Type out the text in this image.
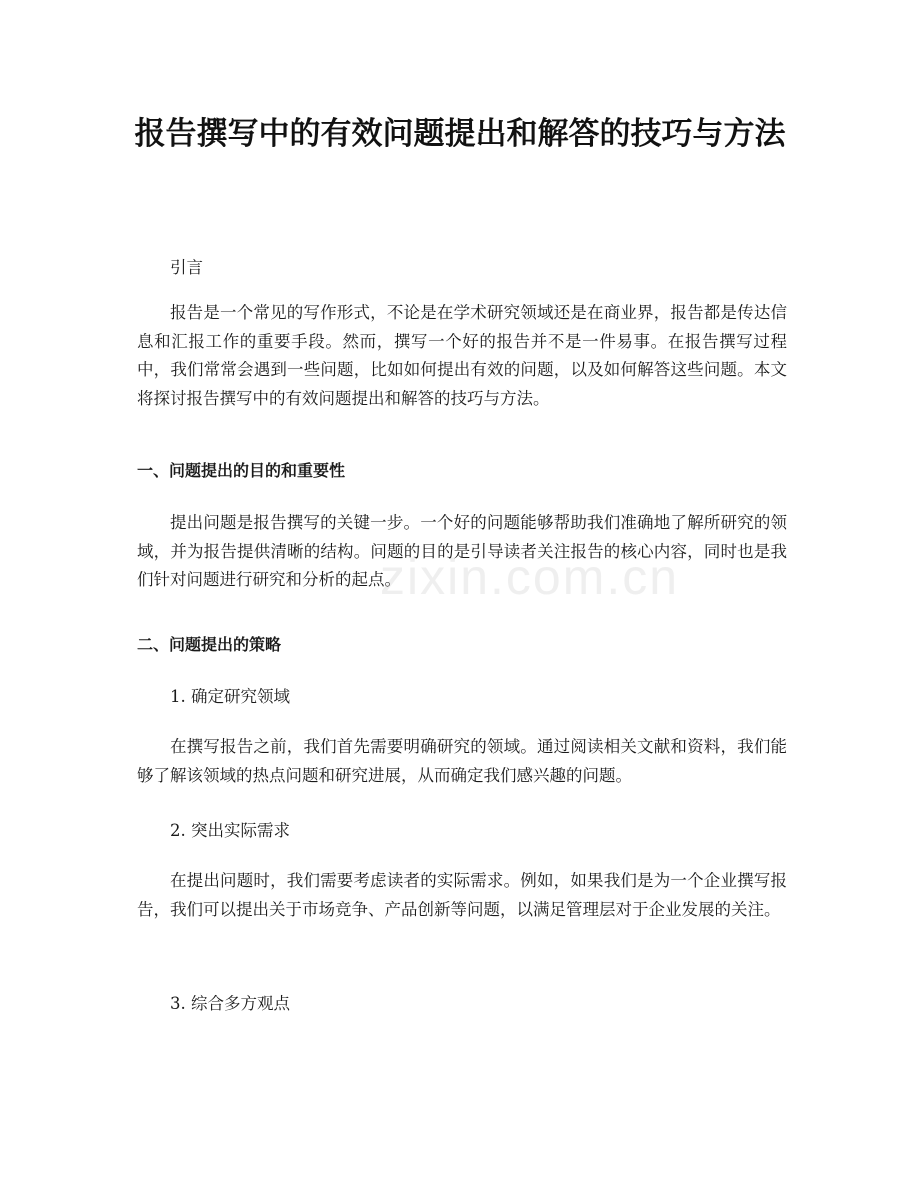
报告撰写中的有效问题提出和解答的技巧与方法

引言

报告是一个常见的写作形式，不论是在学术研究领域还是在商业界，报告都是传达信息和汇报工作的重要手段。然而，撰写一个好的报告并不是一件易事。在报告撰写过程中，我们常常会遇到一些问题，比如如何提出有效的问题，以及如何解答这些问题。本文将探讨报告撰写中的有效问题提出和解答的技巧与方法。

一、问题提出的目的和重要性

提出问题是报告撰写的关键一步。一个好的问题能够帮助我们准确地了解所研究的领域，并为报告提供清晰的结构。问题的目的是引导读者关注报告的核心内容，同时也是我们针对问题进行研究和分析的起点。

二、问题提出的策略

1. 确定研究领域

在撰写报告之前，我们首先需要明确研究的领域。通过阅读相关文献和资料，我们能够了解该领域的热点问题和研究进展，从而确定我们感兴趣的问题。

2. 突出实际需求

在提出问题时，我们需要考虑读者的实际需求。例如，如果我们是为一个企业撰写报告，我们可以提出关于市场竞争、产品创新等问题，以满足管理层对于企业发展的关注。

3. 综合多方观点

zixin.com.cn
